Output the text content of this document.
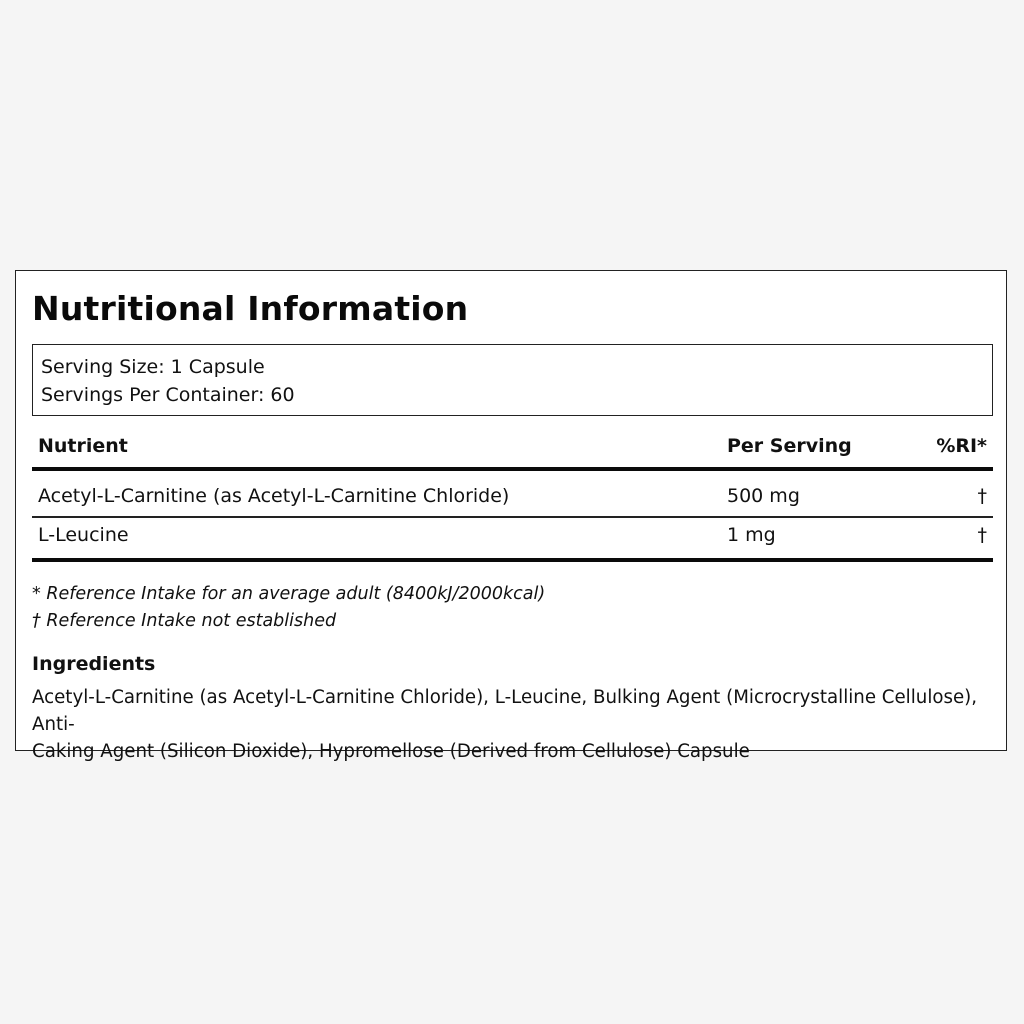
Nutritional Information
Serving Size: 1 Capsule
Servings Per Container: 60
Nutrient	Per Serving	%RI*
Acetyl-L-Carnitine (as Acetyl-L-Carnitine Chloride)	500 mg	†
L-Leucine	1 mg	†
* Reference Intake for an average adult (8400kJ/2000kcal)
† Reference Intake not established
Ingredients
Acetyl-L-Carnitine (as Acetyl-L-Carnitine Chloride), L-Leucine, Bulking Agent (Microcrystalline Cellulose), Anti-
Caking Agent (Silicon Dioxide), Hypromellose (Derived from Cellulose) Capsule
